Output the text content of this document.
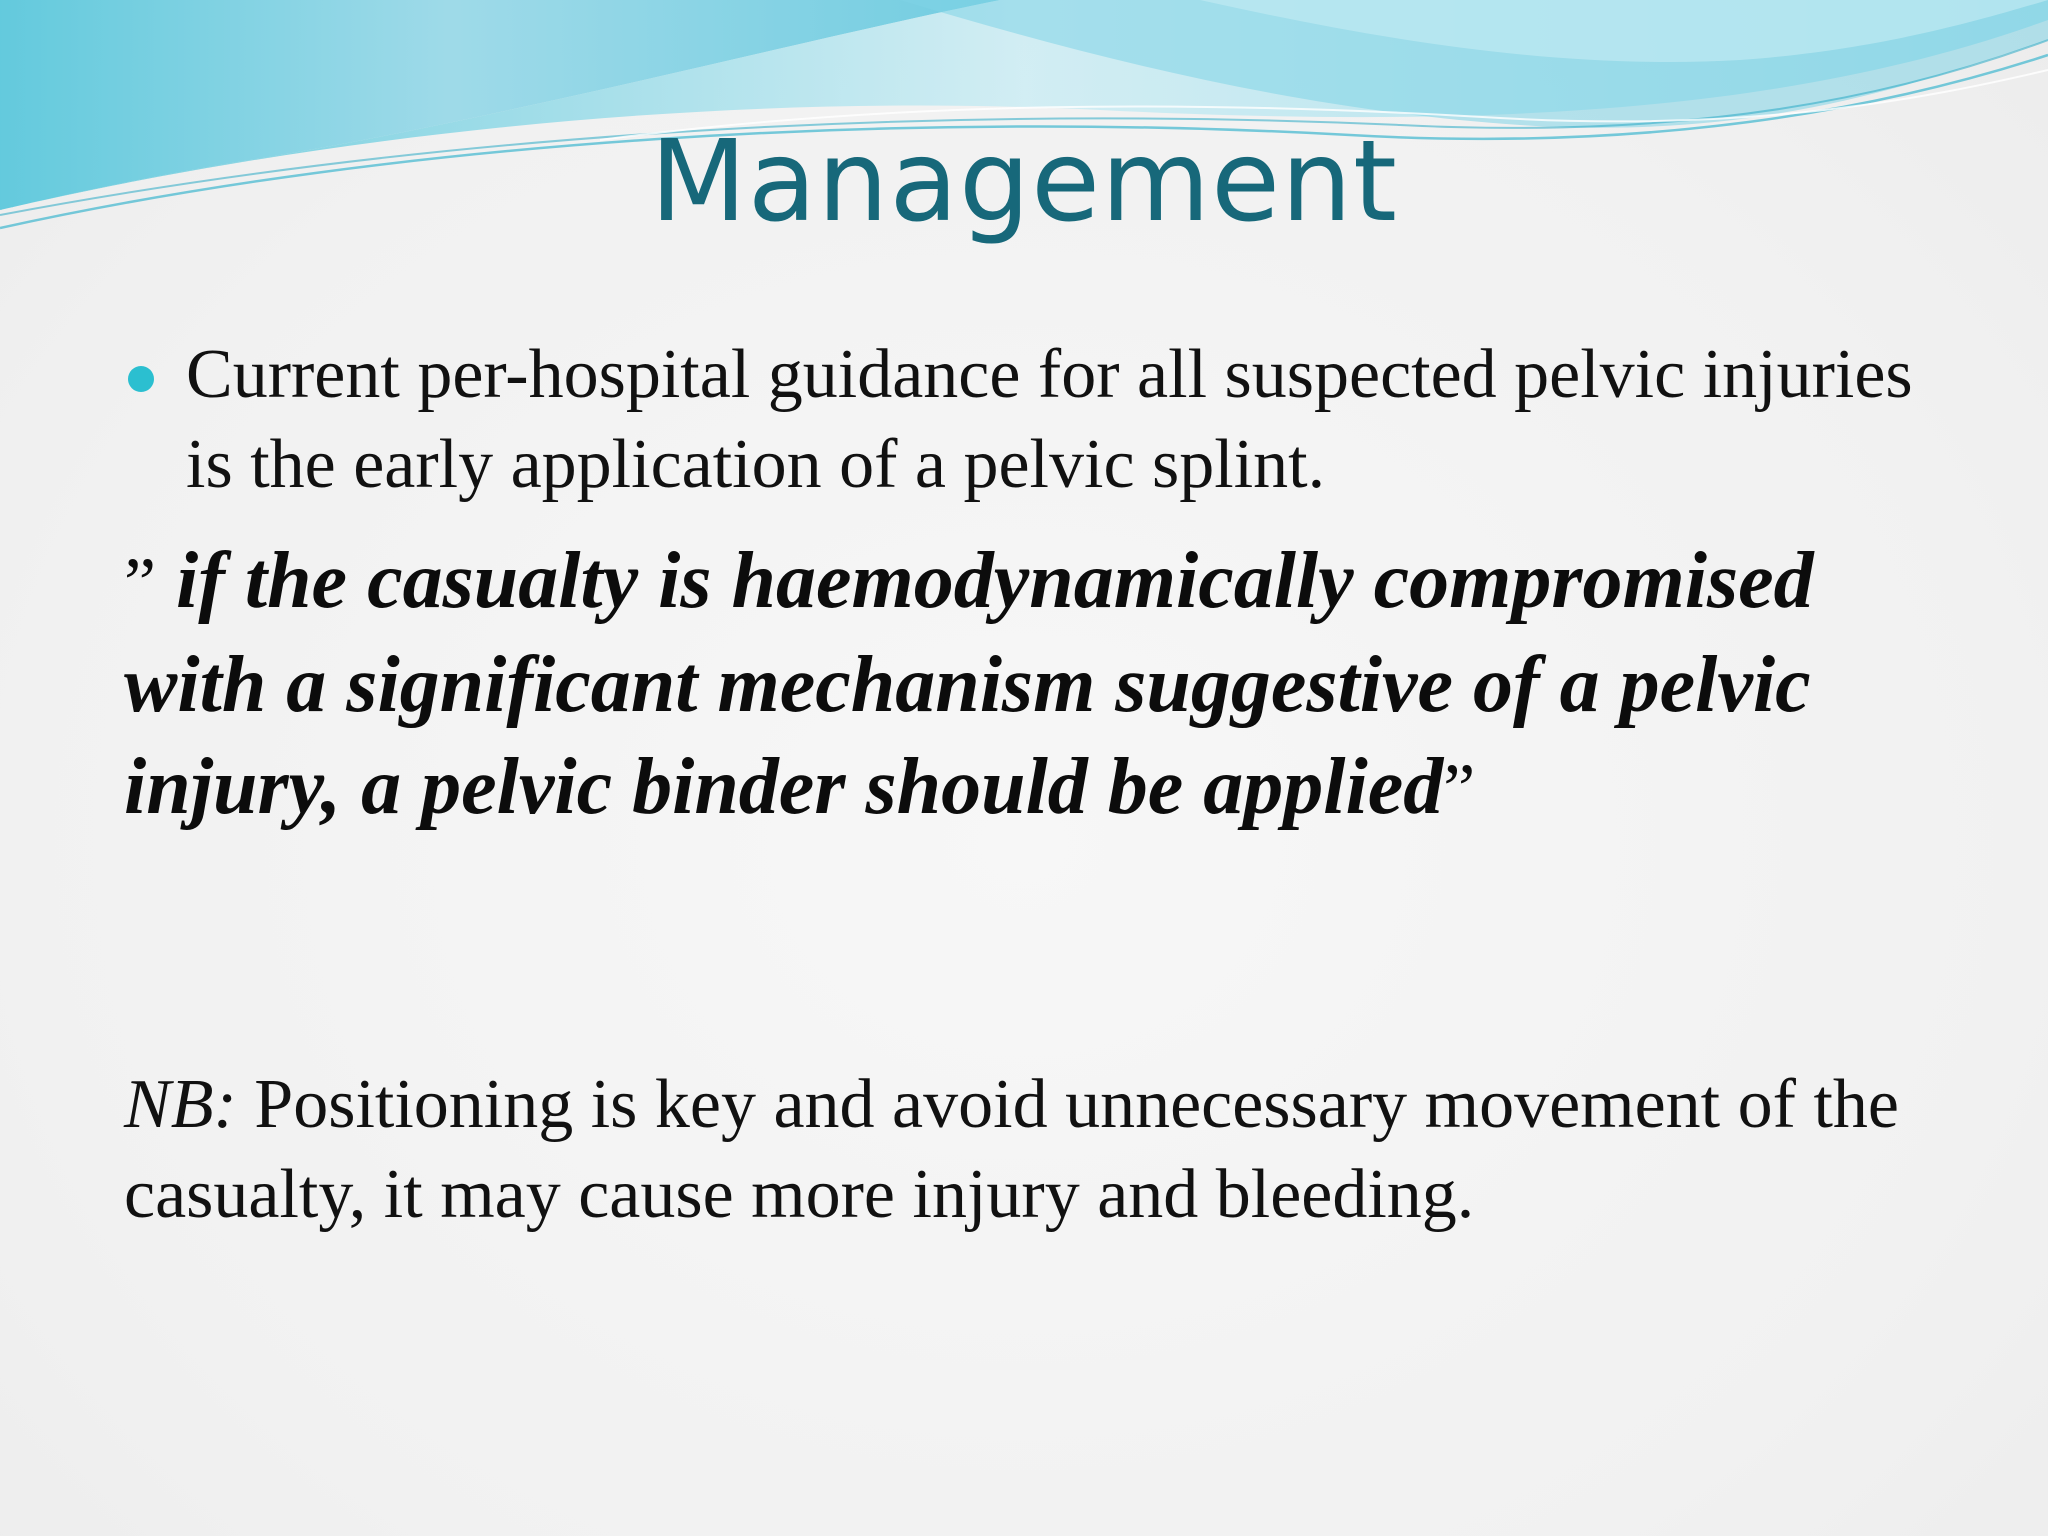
Management
Current per-hospital guidance for all suspected pelvic injuries is the early application of a pelvic splint.
” if the casualty is haemodynamically compromised with a significant mechanism suggestive of a pelvic injury, a pelvic binder should be applied”
NB: Positioning is key and avoid unnecessary movement of the casualty, it may cause more injury and bleeding.
